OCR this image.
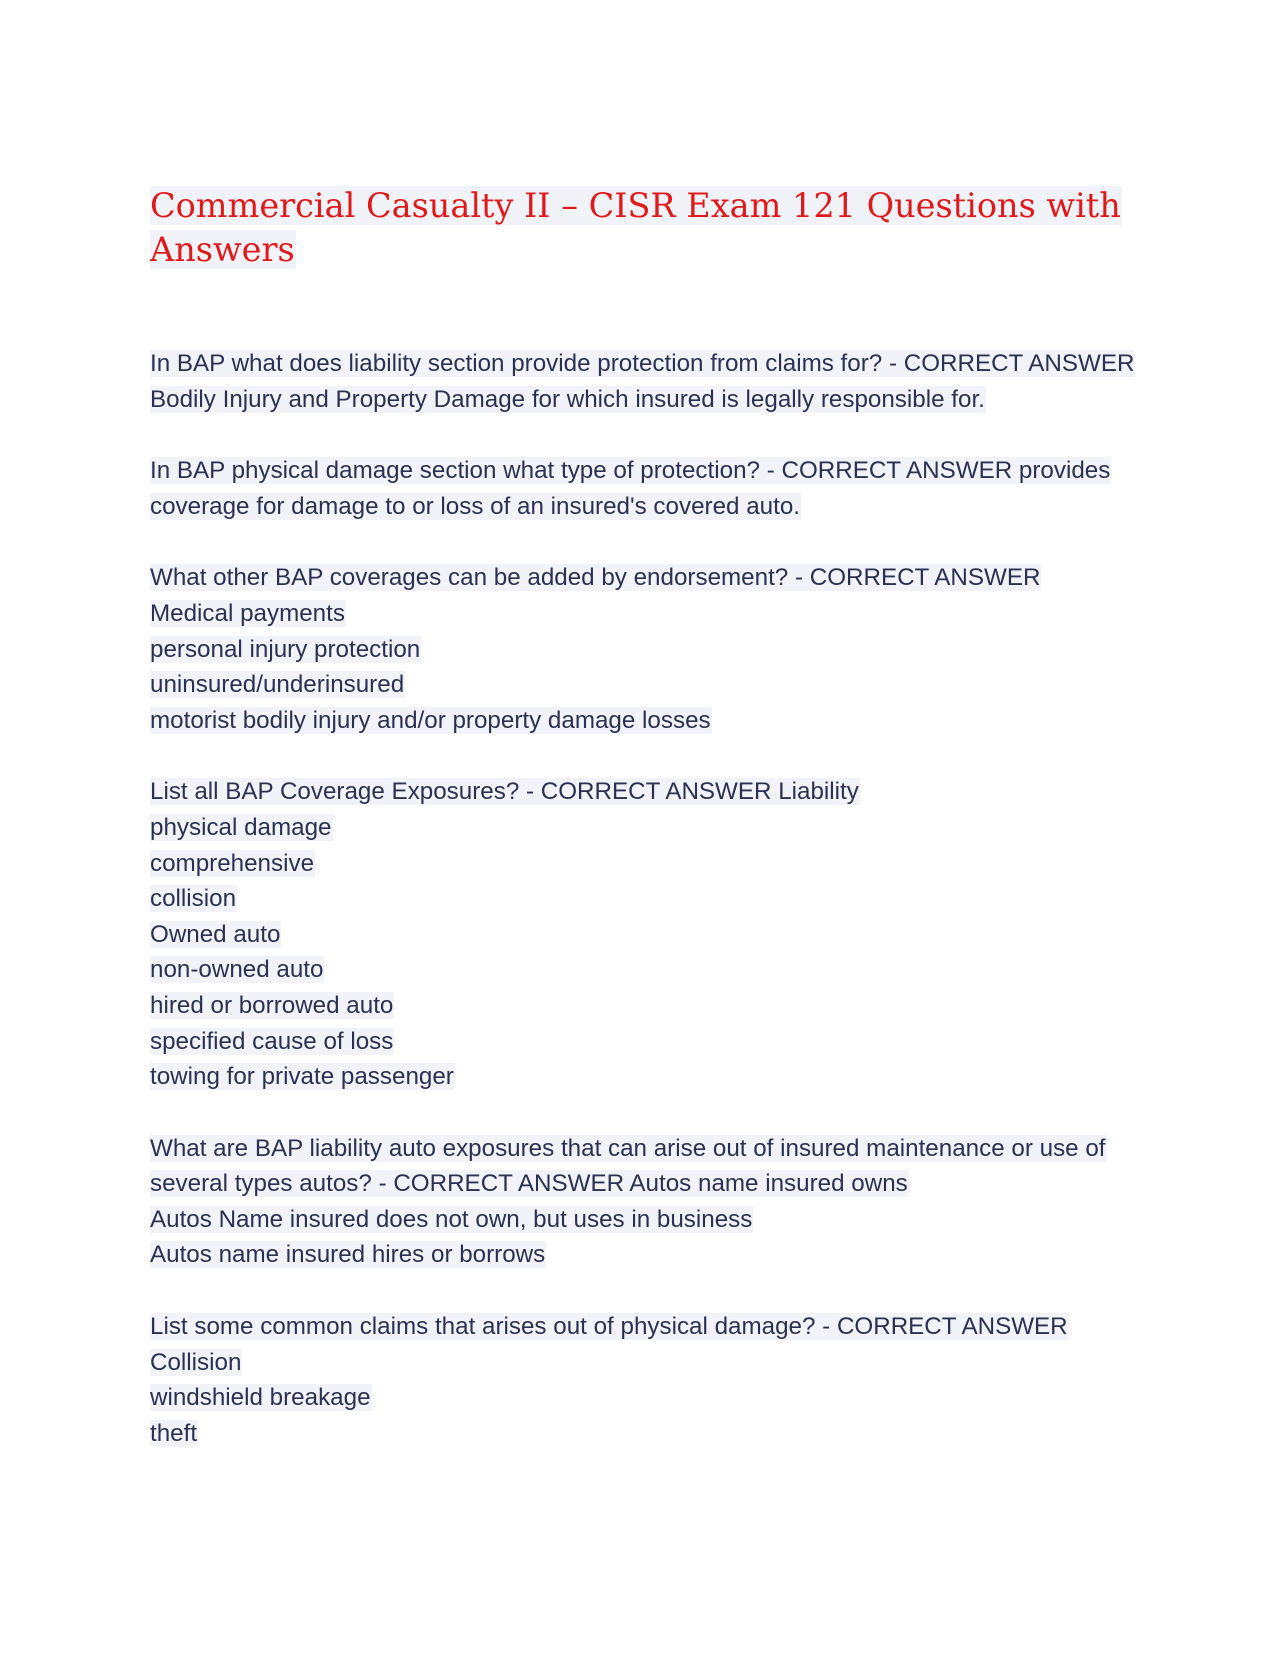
Commercial Casualty II – CISR Exam 121 Questions with Answers
In BAP what does liability section provide protection from claims for? - CORRECT ANSWER Bodily Injury and Property Damage for which insured is legally responsible for.
In BAP physical damage section what type of protection? - CORRECT ANSWER provides coverage for damage to or loss of an insured's covered auto.
What other BAP coverages can be added by endorsement? - CORRECT ANSWER
Medical payments
personal injury protection
uninsured/underinsured
motorist bodily injury and/or property damage losses
List all BAP Coverage Exposures? - CORRECT ANSWER Liability
physical damage
comprehensive
collision
Owned auto
non-owned auto
hired or borrowed auto
specified cause of loss
towing for private passenger
What are BAP liability auto exposures that can arise out of insured maintenance or use of several types autos? - CORRECT ANSWER Autos name insured owns
Autos Name insured does not own, but uses in business
Autos name insured hires or borrows
List some common claims that arises out of physical damage? - CORRECT ANSWER
Collision
windshield breakage
theft
